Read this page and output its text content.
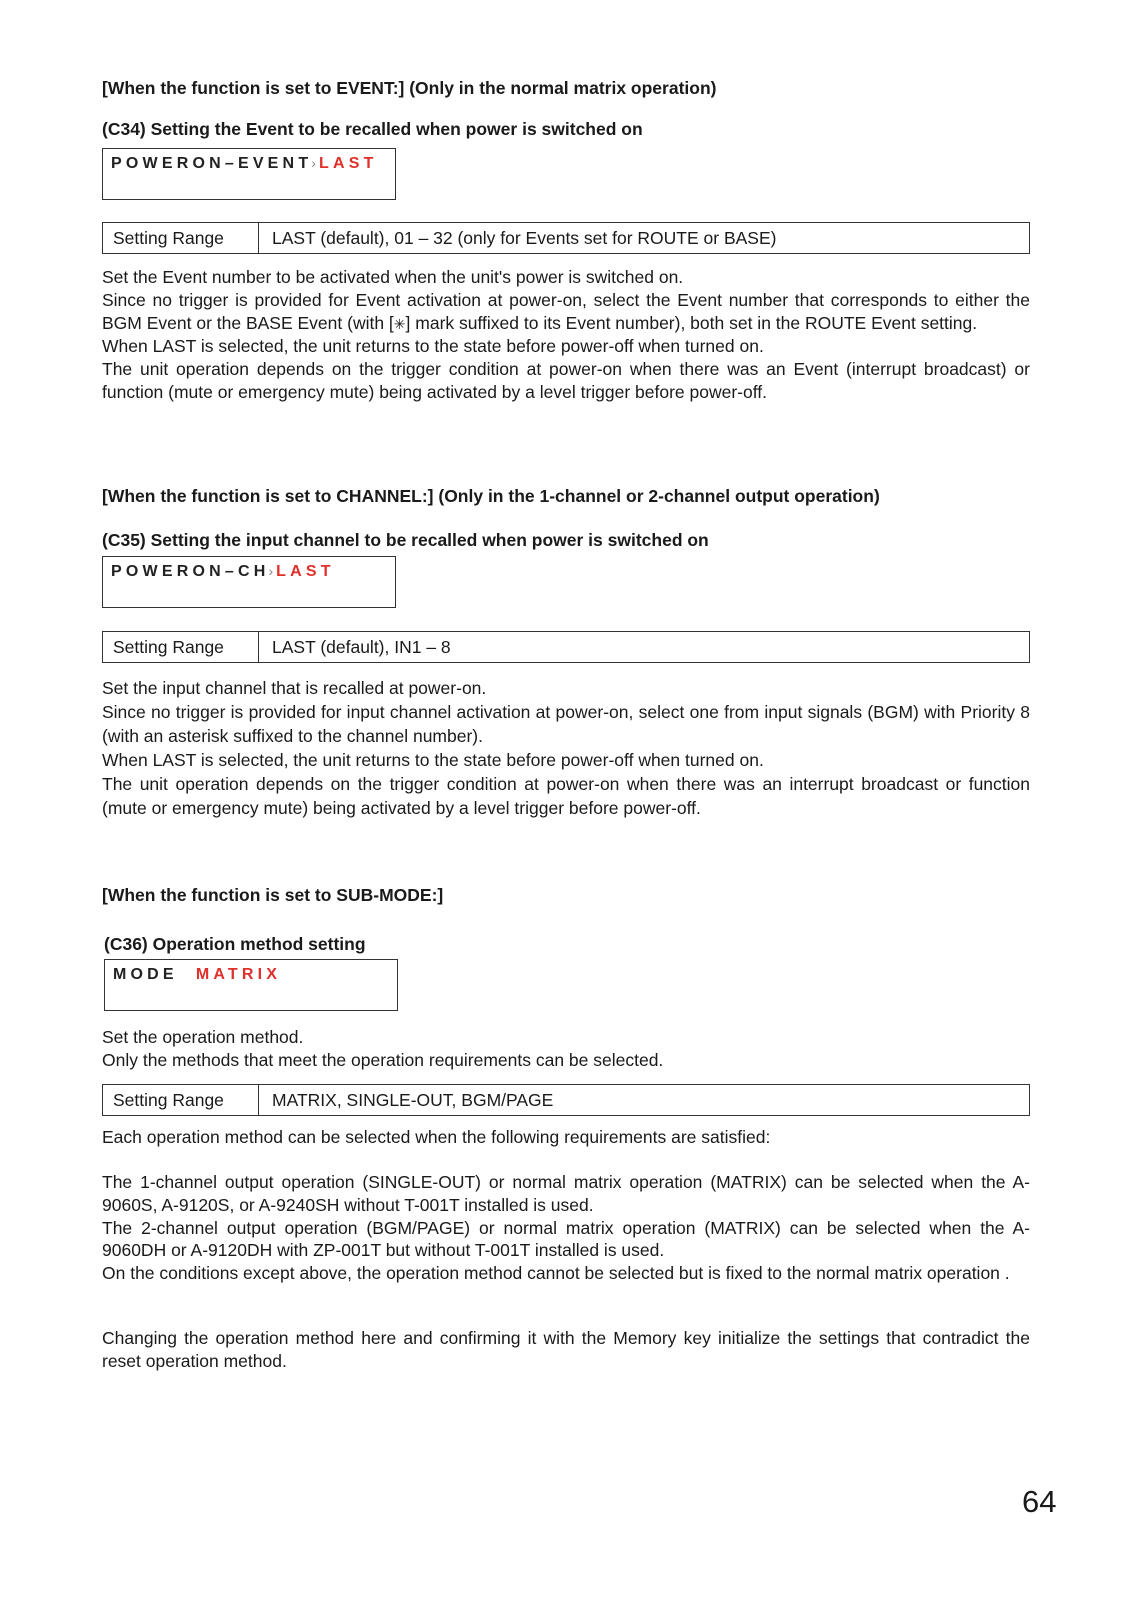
[When the function is set to EVENT:] (Only in the normal matrix operation)
(C34) Setting the Event to be recalled when power is switched on
POWERON–EVENT› LAST
Setting Range	LAST (default), 01 – 32 (only for Events set for ROUTE or BASE)

Set the Event number to be activated when the unit's power is switched on.

Since no trigger is provided for Event activation at power-on, select the Event number that corresponds to either the BGM Event or the BASE Event (with [✳] mark suffixed to its Event number), both set in the ROUTE Event setting.

When LAST is selected, the unit returns to the state before power-off when turned on.

The unit operation depends on the trigger condition at power-on when there was an Event (interrupt broadcast) or function (mute or emergency mute) being activated by a level trigger before power-off.

[When the function is set to CHANNEL:] (Only in the 1-channel or 2-channel output operation)
(C35) Setting the input channel to be recalled when power is switched on
POWERON–CH› LAST
Setting Range	LAST (default), IN1 – 8

Set the input channel that is recalled at power-on.

Since no trigger is provided for input channel activation at power-on, select one from input signals (BGM) with Priority 8 (with an asterisk suffixed to the channel number).

When LAST is selected, the unit returns to the state before power-off when turned on.

The unit operation depends on the trigger condition at power-on when there was an interrupt broadcast or function (mute or emergency mute) being activated by a level trigger before power-off.

[When the function is set to SUB-MODE:]
(C36) Operation method setting
MODE MATRIX

Set the operation method.

Only the methods that meet the operation requirements can be selected.

Setting Range	MATRIX, SINGLE-OUT, BGM/PAGE

Each operation method can be selected when the following requirements are satisfied:

The 1-channel output operation (SINGLE-OUT) or normal matrix operation (MATRIX) can be selected when the A-9060S, A-9120S, or A-9240SH without T-001T installed is used.

The 2-channel output operation (BGM/PAGE) or normal matrix operation (MATRIX) can be selected when the A-9060DH or A-9120DH with ZP-001T but without T-001T installed is used.

On the conditions except above, the operation method cannot be selected but is fixed to the normal matrix operation .

Changing the operation method here and confirming it with the Memory key initialize the settings that contradict the reset operation method.

64
